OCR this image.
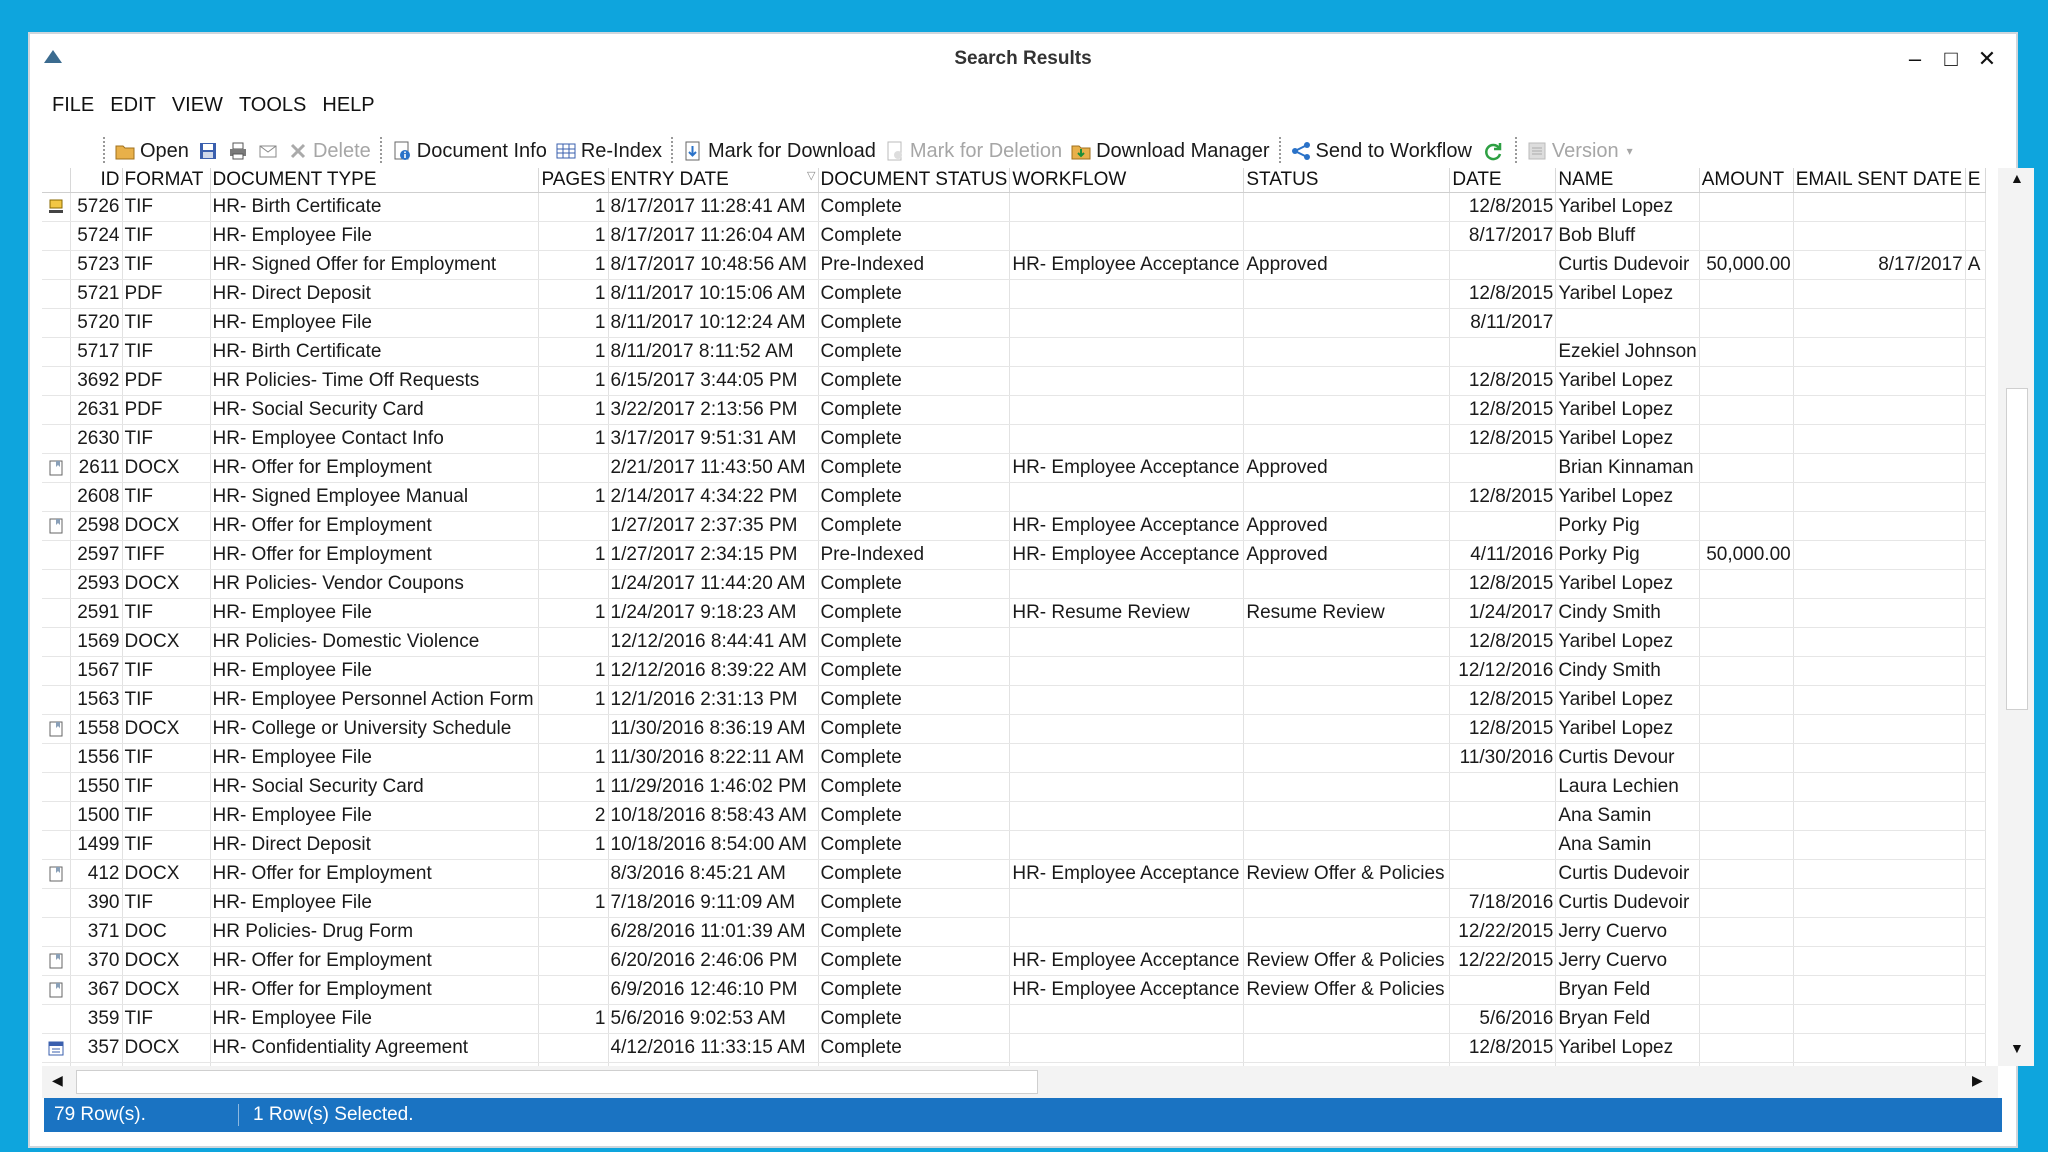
Search Results	‒	□ ✕
FILE EDIT VIEW TOOLS HELP
Open	Delete Document Info Re-Index Mark for Download Mark for Deletion Download Manager Send to Workflow	Version ▾
	ID	FORMAT	DOCUMENT TYPE	PAGES	ENTRY DATE ▽	DOCUMENT STATUS	WORKFLOW	STATUS	DATE	NAME	AMOUNT	EMAIL SENT DATE	E
	5726	TIF	HR- Birth Certificate	1	8/17/2017 11:28:41 AM	Complete			12/8/2015	Yaribel Lopez			
	5724	TIF	HR- Employee File	1	8/17/2017 11:26:04 AM	Complete			8/17/2017	Bob Bluff			
	5723	TIF	HR- Signed Offer for Employment	1	8/17/2017 10:48:56 AM	Pre-Indexed	HR- Employee Acceptance	Approved		Curtis Dudevoir	50,000.00	8/17/2017	A
	5721	PDF	HR- Direct Deposit	1	8/11/2017 10:15:06 AM	Complete			12/8/2015	Yaribel Lopez			
	5720	TIF	HR- Employee File	1	8/11/2017 10:12:24 AM	Complete			8/11/2017				
	5717	TIF	HR- Birth Certificate	1	8/11/2017 8:11:52 AM	Complete				Ezekiel Johnson			
	3692	PDF	HR Policies- Time Off Requests	1	6/15/2017 3:44:05 PM	Complete			12/8/2015	Yaribel Lopez			
	2631	PDF	HR- Social Security Card	1	3/22/2017 2:13:56 PM	Complete			12/8/2015	Yaribel Lopez			
	2630	TIF	HR- Employee Contact Info	1	3/17/2017 9:51:31 AM	Complete			12/8/2015	Yaribel Lopez			
	2611	DOCX	HR- Offer for Employment		2/21/2017 11:43:50 AM	Complete	HR- Employee Acceptance	Approved		Brian Kinnaman			
	2608	TIF	HR- Signed Employee Manual	1	2/14/2017 4:34:22 PM	Complete			12/8/2015	Yaribel Lopez			
	2598	DOCX	HR- Offer for Employment		1/27/2017 2:37:35 PM	Complete	HR- Employee Acceptance	Approved		Porky Pig			
	2597	TIFF	HR- Offer for Employment	1	1/27/2017 2:34:15 PM	Pre-Indexed	HR- Employee Acceptance	Approved	4/11/2016	Porky Pig	50,000.00		
	2593	DOCX	HR Policies- Vendor Coupons		1/24/2017 11:44:20 AM	Complete			12/8/2015	Yaribel Lopez			
	2591	TIF	HR- Employee File	1	1/24/2017 9:18:23 AM	Complete	HR- Resume Review	Resume Review	1/24/2017	Cindy Smith			
	1569	DOCX	HR Policies- Domestic Violence		12/12/2016 8:44:41 AM	Complete			12/8/2015	Yaribel Lopez			
	1567	TIF	HR- Employee File	1	12/12/2016 8:39:22 AM	Complete			12/12/2016	Cindy Smith			
	1563	TIF	HR- Employee Personnel Action Form	1	12/1/2016 2:31:13 PM	Complete			12/8/2015	Yaribel Lopez			
	1558	DOCX	HR- College or University Schedule		11/30/2016 8:36:19 AM	Complete			12/8/2015	Yaribel Lopez			
	1556	TIF	HR- Employee File	1	11/30/2016 8:22:11 AM	Complete			11/30/2016	Curtis Devour			
	1550	TIF	HR- Social Security Card	1	11/29/2016 1:46:02 PM	Complete				Laura Lechien			
	1500	TIF	HR- Employee File	2	10/18/2016 8:58:43 AM	Complete				Ana Samin			
	1499	TIF	HR- Direct Deposit	1	10/18/2016 8:54:00 AM	Complete				Ana Samin			
	412	DOCX	HR- Offer for Employment		8/3/2016 8:45:21 AM	Complete	HR- Employee Acceptance	Review Offer & Policies		Curtis Dudevoir			
	390	TIF	HR- Employee File	1	7/18/2016 9:11:09 AM	Complete			7/18/2016	Curtis Dudevoir			
	371	DOC	HR Policies- Drug Form		6/28/2016 11:01:39 AM	Complete			12/22/2015	Jerry Cuervo			
	370	DOCX	HR- Offer for Employment		6/20/2016 2:46:06 PM	Complete	HR- Employee Acceptance	Review Offer & Policies	12/22/2015	Jerry Cuervo			
	367	DOCX	HR- Offer for Employment		6/9/2016 12:46:10 PM	Complete	HR- Employee Acceptance	Review Offer & Policies		Bryan Feld			
	359	TIF	HR- Employee File	1	5/6/2016 9:02:53 AM	Complete			5/6/2016	Bryan Feld			
	357	DOCX	HR- Confidentiality Agreement		4/12/2016 11:33:15 AM	Complete			12/8/2015	Yaribel Lopez			

▲
▼
◀	▶
79 Row(s).	1 Row(s) Selected.
